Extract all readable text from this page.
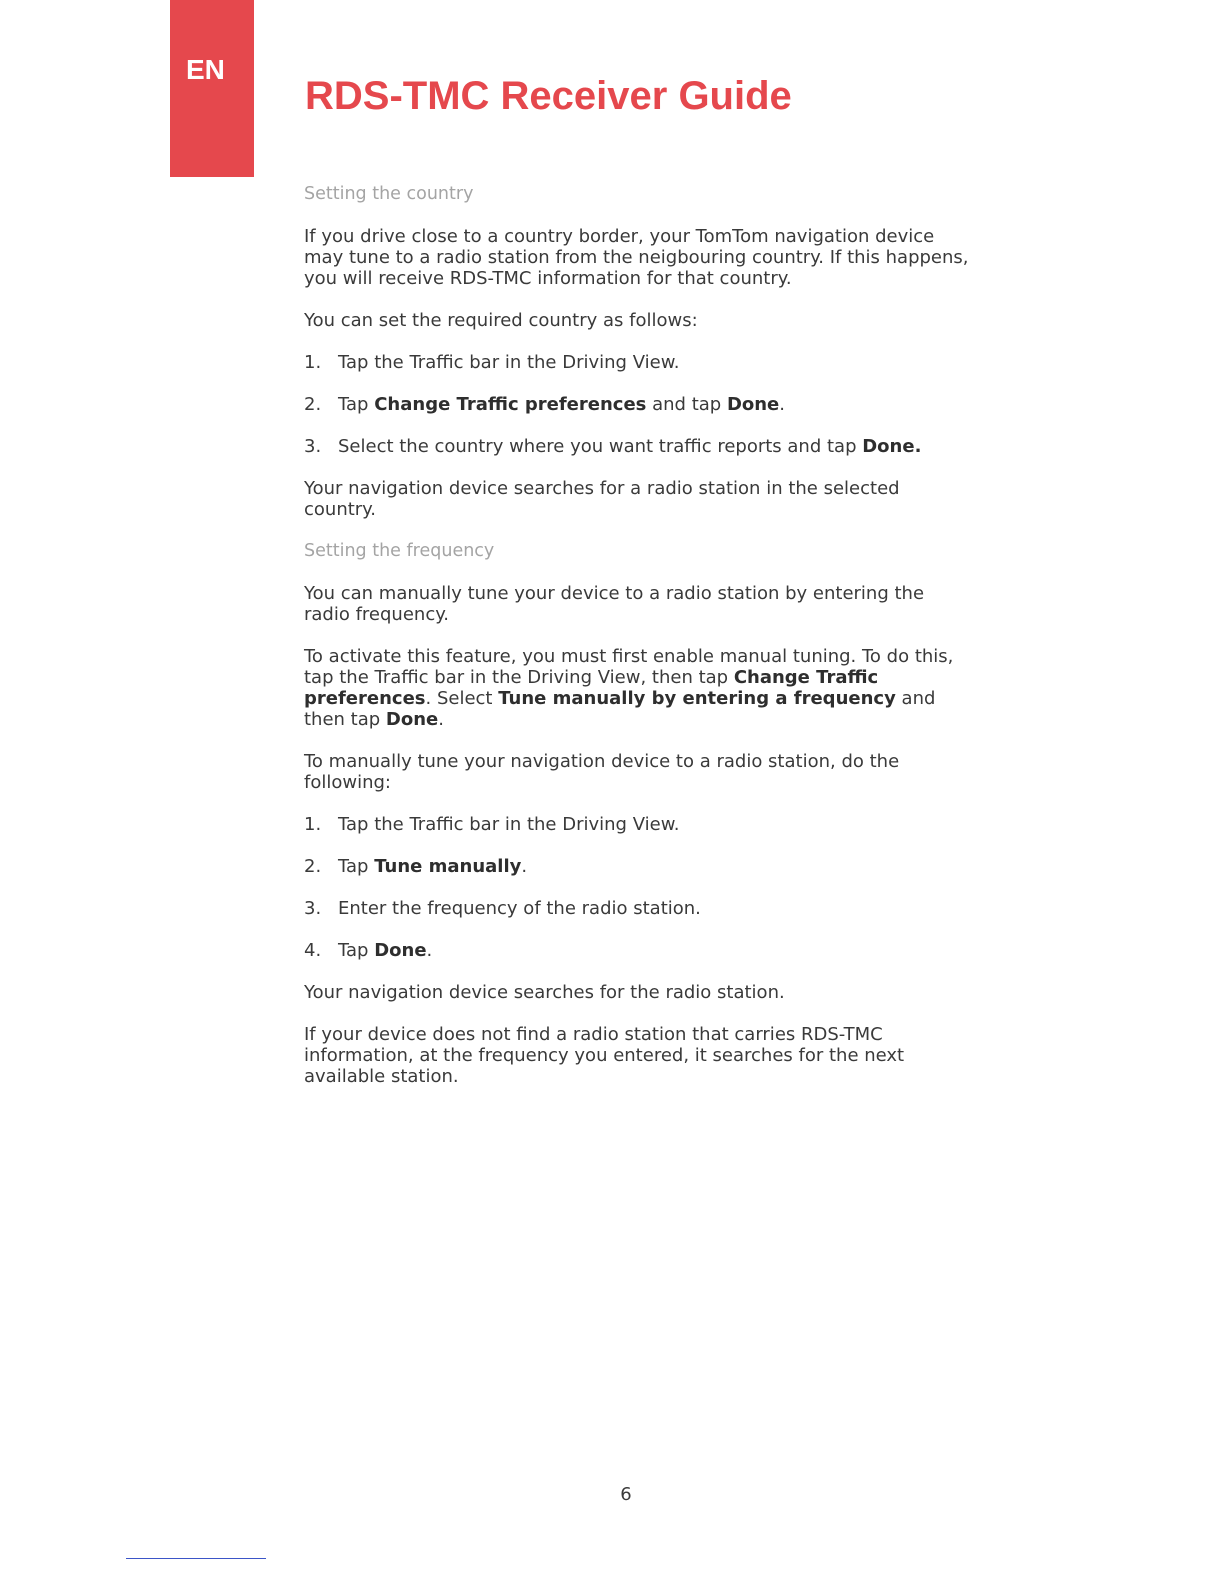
EN
RDS-TMC Receiver Guide
Setting the country

If you drive close to a country border, your TomTom navigation device may tune to a radio station from the neigbouring country. If this happens, you will receive RDS-TMC information for that country.

You can set the required country as follows:

1. Tap the Traffic bar in the Driving View.
2. Tap Change Traffic preferences and tap Done.
3. Select the country where you want traffic reports and tap Done.

Your navigation device searches for a radio station in the selected country.

Setting the frequency

You can manually tune your device to a radio station by entering the radio frequency.

To activate this feature, you must first enable manual tuning. To do this, tap the Traffic bar in the Driving View, then tap Change Traffic preferences. Select Tune manually by entering a frequency and then tap Done.

To manually tune your navigation device to a radio station, do the following:

1. Tap the Traffic bar in the Driving View.
2. Tap Tune manually.
3. Enter the frequency of the radio station.
4. Tap Done.

Your navigation device searches for the radio station.

If your device does not find a radio station that carries RDS-TMC information, at the frequency you entered, it searches for the next available station.

6
